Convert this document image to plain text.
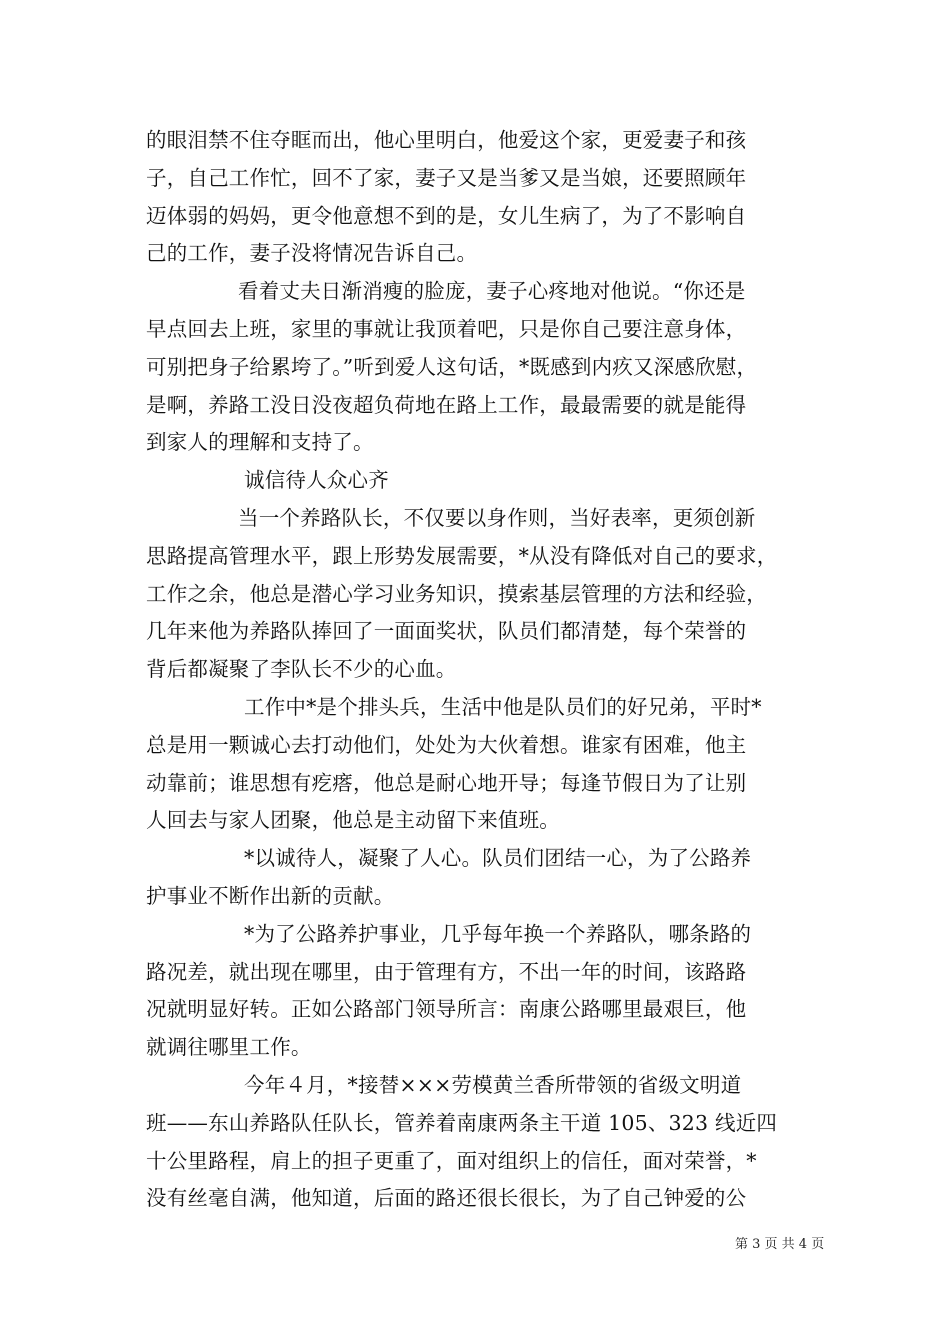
的眼泪禁不住夺眶而出，他心里明白，他爱这个家，更爱妻子和孩
子，自己工作忙，回不了家，妻子又是当爹又是当娘，还要照顾年
迈体弱的妈妈，更令他意想不到的是，女儿生病了，为了不影响自
己的工作，妻子没将情况告诉自己。

看着丈夫日渐消瘦的脸庞，妻子心疼地对他说。“你还是
早点回去上班，家里的事就让我顶着吧，只是你自己要注意身体，
可别把身子给累垮了。”听到爱人这句话，*既感到内疚又深感欣慰，
是啊，养路工没日没夜超负荷地在路上工作，最最需要的就是能得
到家人的理解和支持了。

诚信待人众心齐

当一个养路队长，不仅要以身作则，当好表率，更须创新
思路提高管理水平，跟上形势发展需要，*从没有降低对自己的要求，
工作之余，他总是潜心学习业务知识，摸索基层管理的方法和经验，
几年来他为养路队捧回了一面面奖状，队员们都清楚，每个荣誉的
背后都凝聚了李队长不少的心血。

工作中*是个排头兵，生活中他是队员们的好兄弟，平时*
总是用一颗诚心去打动他们，处处为大伙着想。谁家有困难，他主
动靠前；谁思想有疙瘩，他总是耐心地开导；每逢节假日为了让别
人回去与家人团聚，他总是主动留下来值班。

*以诚待人，凝聚了人心。队员们团结一心，为了公路养
护事业不断作出新的贡献。

*为了公路养护事业，几乎每年换一个养路队，哪条路的
路况差，就出现在哪里，由于管理有方，不出一年的时间，该路路
况就明显好转。正如公路部门领导所言：南康公路哪里最艰巨，他
就调往哪里工作。

今年４月，*接替×××劳模黄兰香所带领的省级文明道
班——东山养路队任队长，管养着南康两条主干道 105、323 线近四
十公里路程，肩上的担子更重了，面对组织上的信任，面对荣誉，*
没有丝毫自满，他知道，后面的路还很长很长，为了自己钟爱的公

第 3 页 共 4 页
